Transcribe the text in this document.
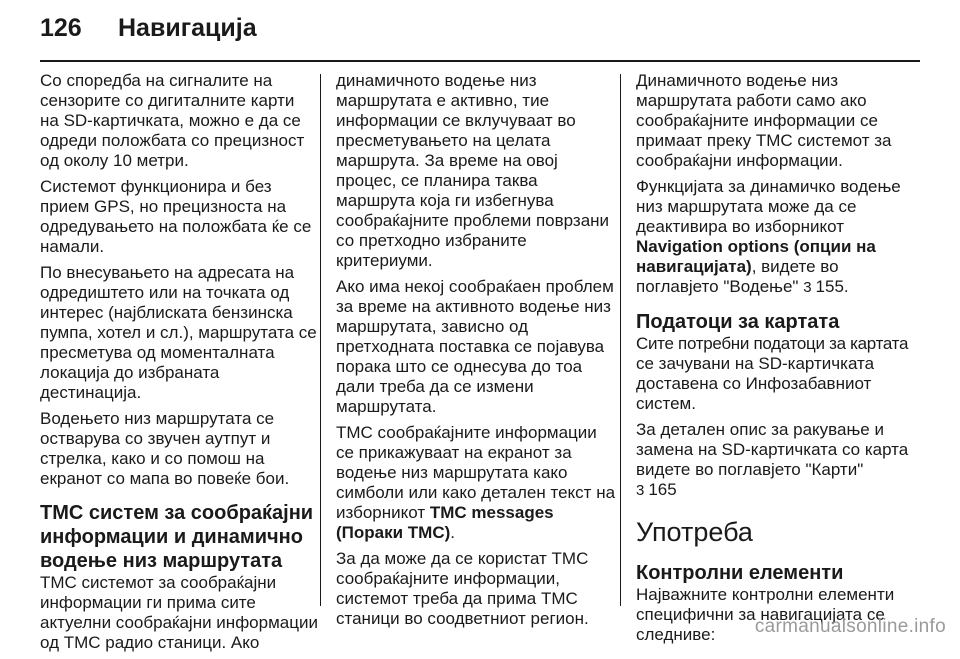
126	Навигација

Со споредба на сигналите на
сензорите со дигиталните карти
на SD-картичката, можно е да се
одреди положбата со прецизност
од околу 10 метри.

Системот функционира и без
прием GPS, но прецизноста на
одредувањето на положбата ќе се
намали.

По внесувањето на адресата на
одредиштето или на точката од
интерес (најблиската бензинска
пумпа, хотел и сл.), маршрутата се
пресметува од моменталната
локација до избраната
дестинација.

Водењето низ маршрутата се
остварува со звучен аутпут и
стрелка, како и со помош на
екранот со мапа во повеќе бои.

TMC систем за сообраќајни
информации и динамично
водење низ маршрутата

TMC системот за сообраќајни
информации ги прима сите
актуелни сообраќајни информации
од TMC радио станици. Ако

динамичното водење низ
маршрутата е активно, тие
информации се вклучуваат во
пресметувањето на целата
маршрута. За време на овој
процес, се планира таква
маршрута која ги избегнува
сообраќајните проблеми поврзани
со претходно избраните
критериуми.

Ако има некој сообраќаен проблем
за време на активното водење низ
маршрутата, зависно од
претходната поставка се појавува
порака што се однесува до тоа
дали треба да се измени
маршрутата.

TMC сообраќајните информации
се прикажуваат на екранот за
водење низ маршрутата како
симболи или како детален текст на
изборникот TMC messages
(Пораки TMC).

За да може да се користат TMC
сообраќајните информации,
системот треба да прима TMC
станици во соодветниот регион.

Динамичното водење низ
маршрутата работи само ако
сообраќајните информации се
примаат преку TMC системот за
сообраќајни информации.

Функцијата за динамичко водење
низ маршрутата може да се
деактивира во изборникот
Navigation options (опции на
навигацијата), видете во
поглавјето "Водење" 3 155.

Податоци за картата

Сите потребни податоци за картата
се зачувани на SD-картичката
доставена со Инфозабавниот
систем.

За детален опис за ракување и
замена на SD-картичката со карта
видете во поглавјето "Карти"
3 165

Употреба
Контролни елементи

Најважните контролни елементи
специфични за навигацијата се
следниве:	carmanualsonline.info
